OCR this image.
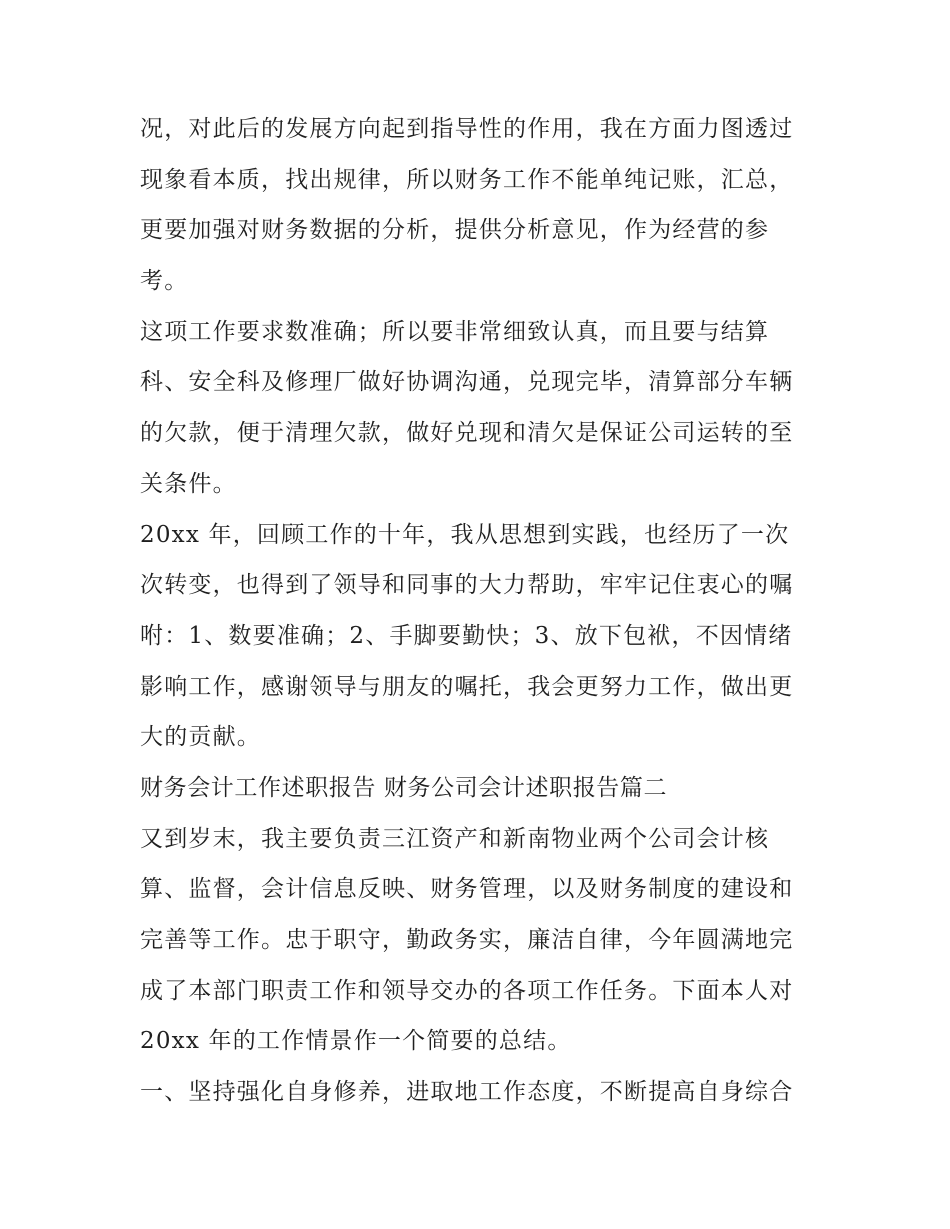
况，对此后的发展方向起到指导性的作用，我在方面力图透过
现象看本质，找出规律，所以财务工作不能单纯记账，汇总，
更要加强对财务数据的分析，提供分析意见，作为经营的参
考。
这项工作要求数准确；所以要非常细致认真，而且要与结算
科、安全科及修理厂做好协调沟通，兑现完毕，清算部分车辆
的欠款，便于清理欠款，做好兑现和清欠是保证公司运转的至
关条件。
20xx 年，回顾工作的十年，我从思想到实践，也经历了一次
次转变，也得到了领导和同事的大力帮助，牢牢记住衷心的嘱
咐：1、数要准确；2、手脚要勤快；3、放下包袱，不因情绪
影响工作，感谢领导与朋友的嘱托，我会更努力工作，做出更
大的贡献。
财务会计工作述职报告 财务公司会计述职报告篇二
又到岁末，我主要负责三江资产和新南物业两个公司会计核
算、监督，会计信息反映、财务管理，以及财务制度的建设和
完善等工作。忠于职守，勤政务实，廉洁自律，今年圆满地完
成了本部门职责工作和领导交办的各项工作任务。下面本人对
20xx 年的工作情景作一个简要的总结。
一、坚持强化自身修养，进取地工作态度，不断提高自身综合
